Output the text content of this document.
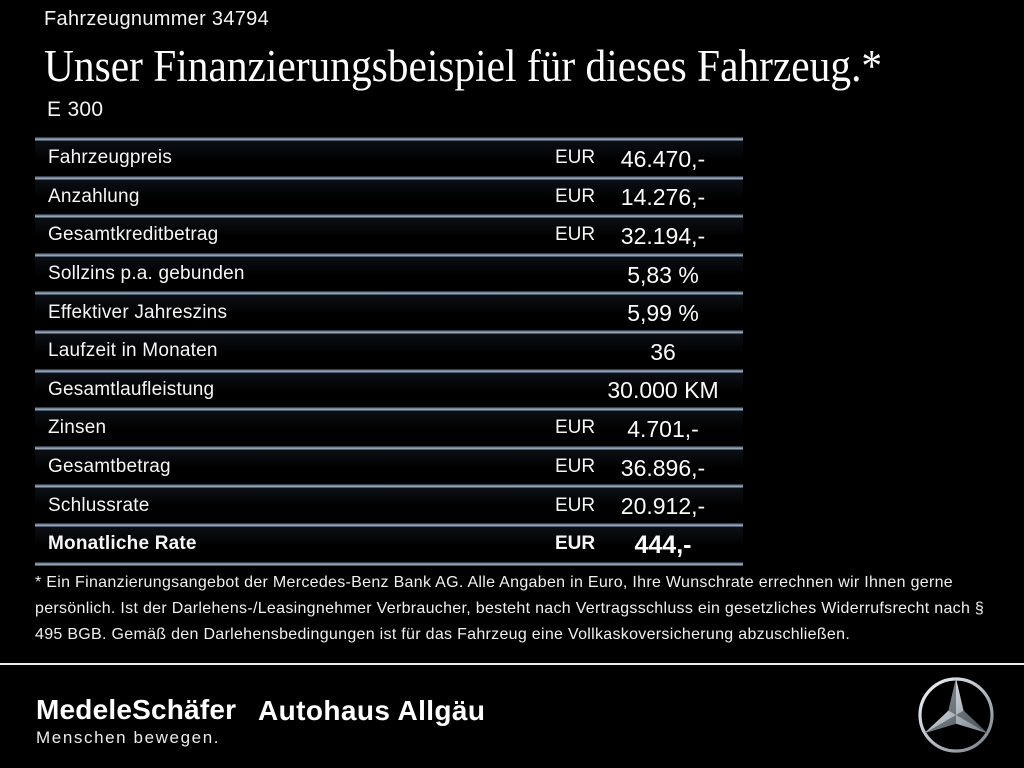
Fahrzeugnummer 34794
Unser Finanzierungsbeispiel für dieses Fahrzeug.*
E 300
Fahrzeugpreis	EUR	46.470,-
Anzahlung	EUR	14.276,-
Gesamtkreditbetrag	EUR	32.194,-
Sollzins p.a. gebunden	5,83 %
Effektiver Jahreszins	5,99 %
Laufzeit in Monaten	36
Gesamtlaufleistung	30.000 KM
Zinsen	EUR	4.701,-
Gesamtbetrag	EUR	36.896,-
Schlussrate	EUR	20.912,-
Monatliche Rate	EUR	444,-

* Ein Finanzierungsangebot der Mercedes-Benz Bank AG. Alle Angaben in Euro, Ihre Wunschrate errechnen wir Ihnen gerne persönlich. Ist der Darlehens-/Leasingnehmer Verbraucher, besteht nach Vertragsschluss ein gesetzliches Widerrufsrecht nach § 495 BGB. Gemäß den Darlehensbedingungen ist für das Fahrzeug eine Vollkaskoversicherung abzuschließen.

MedeleSchäfer
Menschen bewegen.
Autohaus Allgäu
